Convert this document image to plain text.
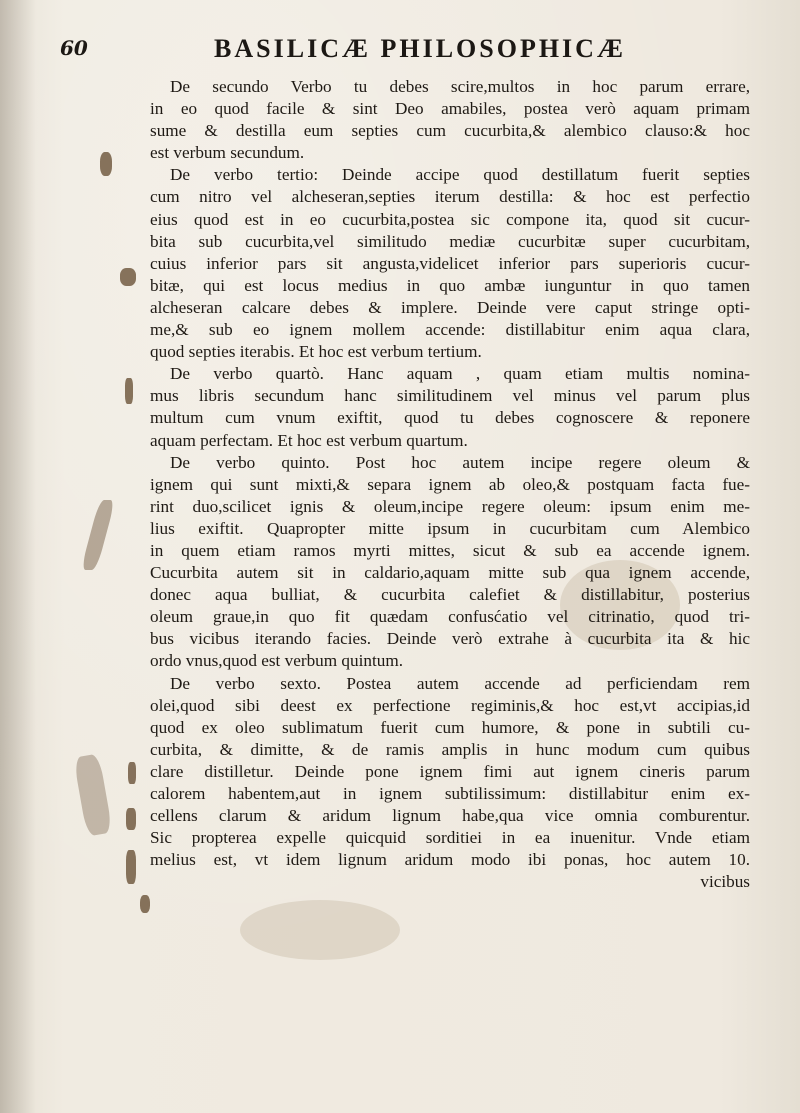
60	BASILICÆ PHILOSOPHICÆ
De secundo Verbo tu debes scire,multos in hoc parum errare,
in eo quod facile & sint Deo amabiles, postea verò aquam primam
sume & destilla eum septies cum cucurbita,& alembico clauso:& hoc
est verbum secundum.
De verbo tertio: Deinde accipe quod destillatum fuerit septies
cum nitro vel alcheseran,septies iterum destilla: & hoc est perfectio
eius quod est in eo cucurbita,postea sic compone ita, quod sit cucur-
bita sub cucurbita,vel similitudo mediæ cucurbitæ super cucurbitam,
cuius inferior pars sit angusta,videlicet inferior pars superioris cucur-
bitæ, qui est locus medius in quo ambæ iunguntur in quo tamen
alcheseran calcare debes & implere. Deinde vere caput stringe opti-
me,& sub eo ignem mollem accende: distillabitur enim aqua clara,
quod septies iterabis. Et hoc est verbum tertium.
De verbo quartò. Hanc aquam , quam etiam multis nomina-
mus libris secundum hanc similitudinem vel minus vel parum plus
multum cum vnum exiftit, quod tu debes cognoscere & reponere
aquam perfectam. Et hoc est verbum quartum.
De verbo quinto. Post hoc autem incipe regere oleum &
ignem qui sunt mixti,& separa ignem ab oleo,& postquam facta fue-
rint duo,scilicet ignis & oleum,incipe regere oleum: ipsum enim me-
lius exiftit. Quapropter mitte ipsum in cucurbitam cum Alembico
in quem etiam ramos myrti mittes, sicut & sub ea accende ignem.
Cucurbita autem sit in caldario,aquam mitte sub qua ignem accende,
donec aqua bulliat, & cucurbita calefiet & distillabitur, posterius
oleum graue,in quo fit quædam confusćatio vel citrinatio, quod tri-
bus vicibus iterando facies. Deinde verò extrahe à cucurbita ita & hic
ordo vnus,quod est verbum quintum.
De verbo sexto. Postea autem accende ad perficiendam rem
olei,quod sibi deest ex perfectione regiminis,& hoc est,vt accipias,id
quod ex oleo sublimatum fuerit cum humore, & pone in subtili cu-
curbita, & dimitte, & de ramis amplis in hunc modum cum quibus
clare distilletur. Deinde pone ignem fimi aut ignem cineris parum
calorem habentem,aut in ignem subtilissimum: distillabitur enim ex-
cellens clarum & aridum lignum habe,qua vice omnia comburentur.
Sic propterea expelle quicquid sorditiei in ea inuenitur. Vnde etiam
melius est, vt idem lignum aridum modo ibi ponas, hoc autem 10.
vicibus
